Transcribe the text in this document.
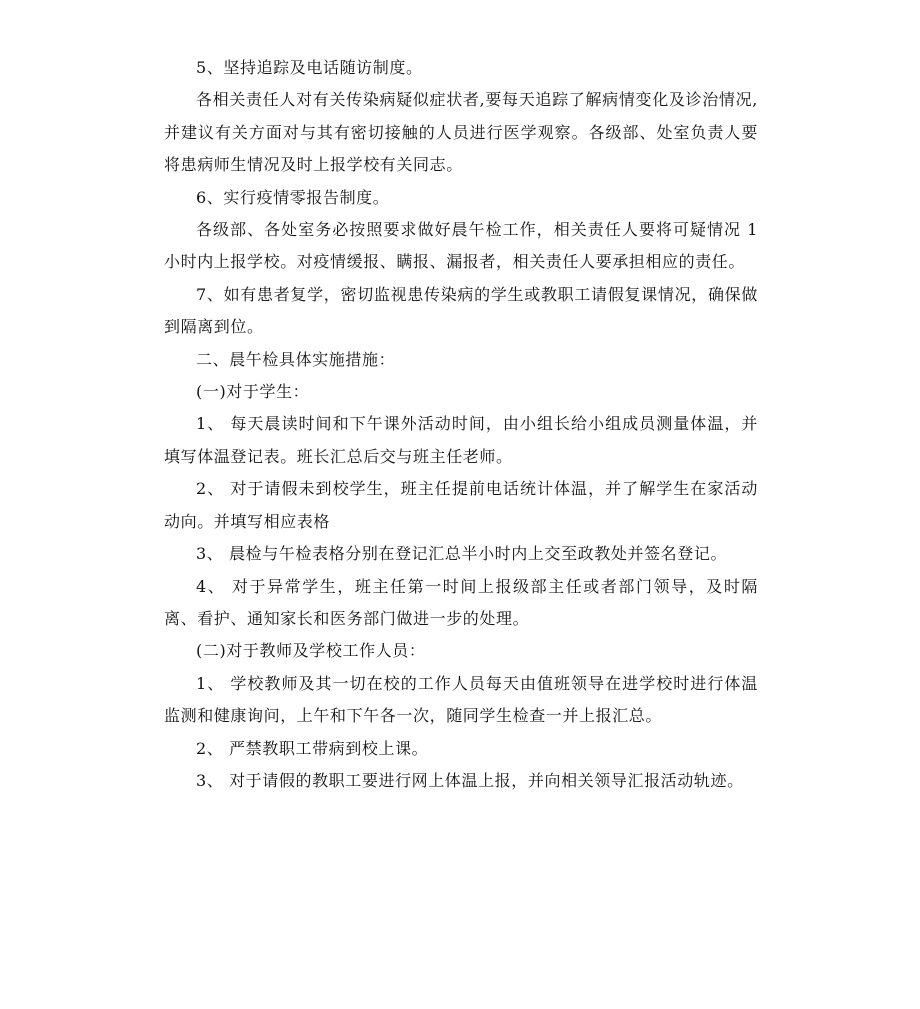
5、坚持追踪及电话随访制度。

各相关责任人对有关传染病疑似症状者,要每天追踪了解病情变化及诊治情况,并建议有关方面对与其有密切接触的人员进行医学观察。各级部、处室负责人要将患病师生情况及时上报学校有关同志。

6、实行疫情零报告制度。

各级部、各处室务必按照要求做好晨午检工作，相关责任人要将可疑情况 1 小时内上报学校。对疫情缓报、瞒报、漏报者，相关责任人要承担相应的责任。

7、如有患者复学，密切监视患传染病的学生或教职工请假复课情况，确保做到隔离到位。

二、晨午检具体实施措施：

(一)对于学生：

1、 每天晨读时间和下午课外活动时间，由小组长给小组成员测量体温，并填写体温登记表。班长汇总后交与班主任老师。

2、 对于请假未到校学生，班主任提前电话统计体温，并了解学生在家活动动向。并填写相应表格

3、 晨检与午检表格分别在登记汇总半小时内上交至政教处并签名登记。

4、 对于异常学生，班主任第一时间上报级部主任或者部门领导，及时隔离、看护、通知家长和医务部门做进一步的处理。

(二)对于教师及学校工作人员：

1、 学校教师及其一切在校的工作人员每天由值班领导在进学校时进行体温监测和健康询问，上午和下午各一次，随同学生检查一并上报汇总。

2、 严禁教职工带病到校上课。

3、 对于请假的教职工要进行网上体温上报，并向相关领导汇报活动轨迹。
